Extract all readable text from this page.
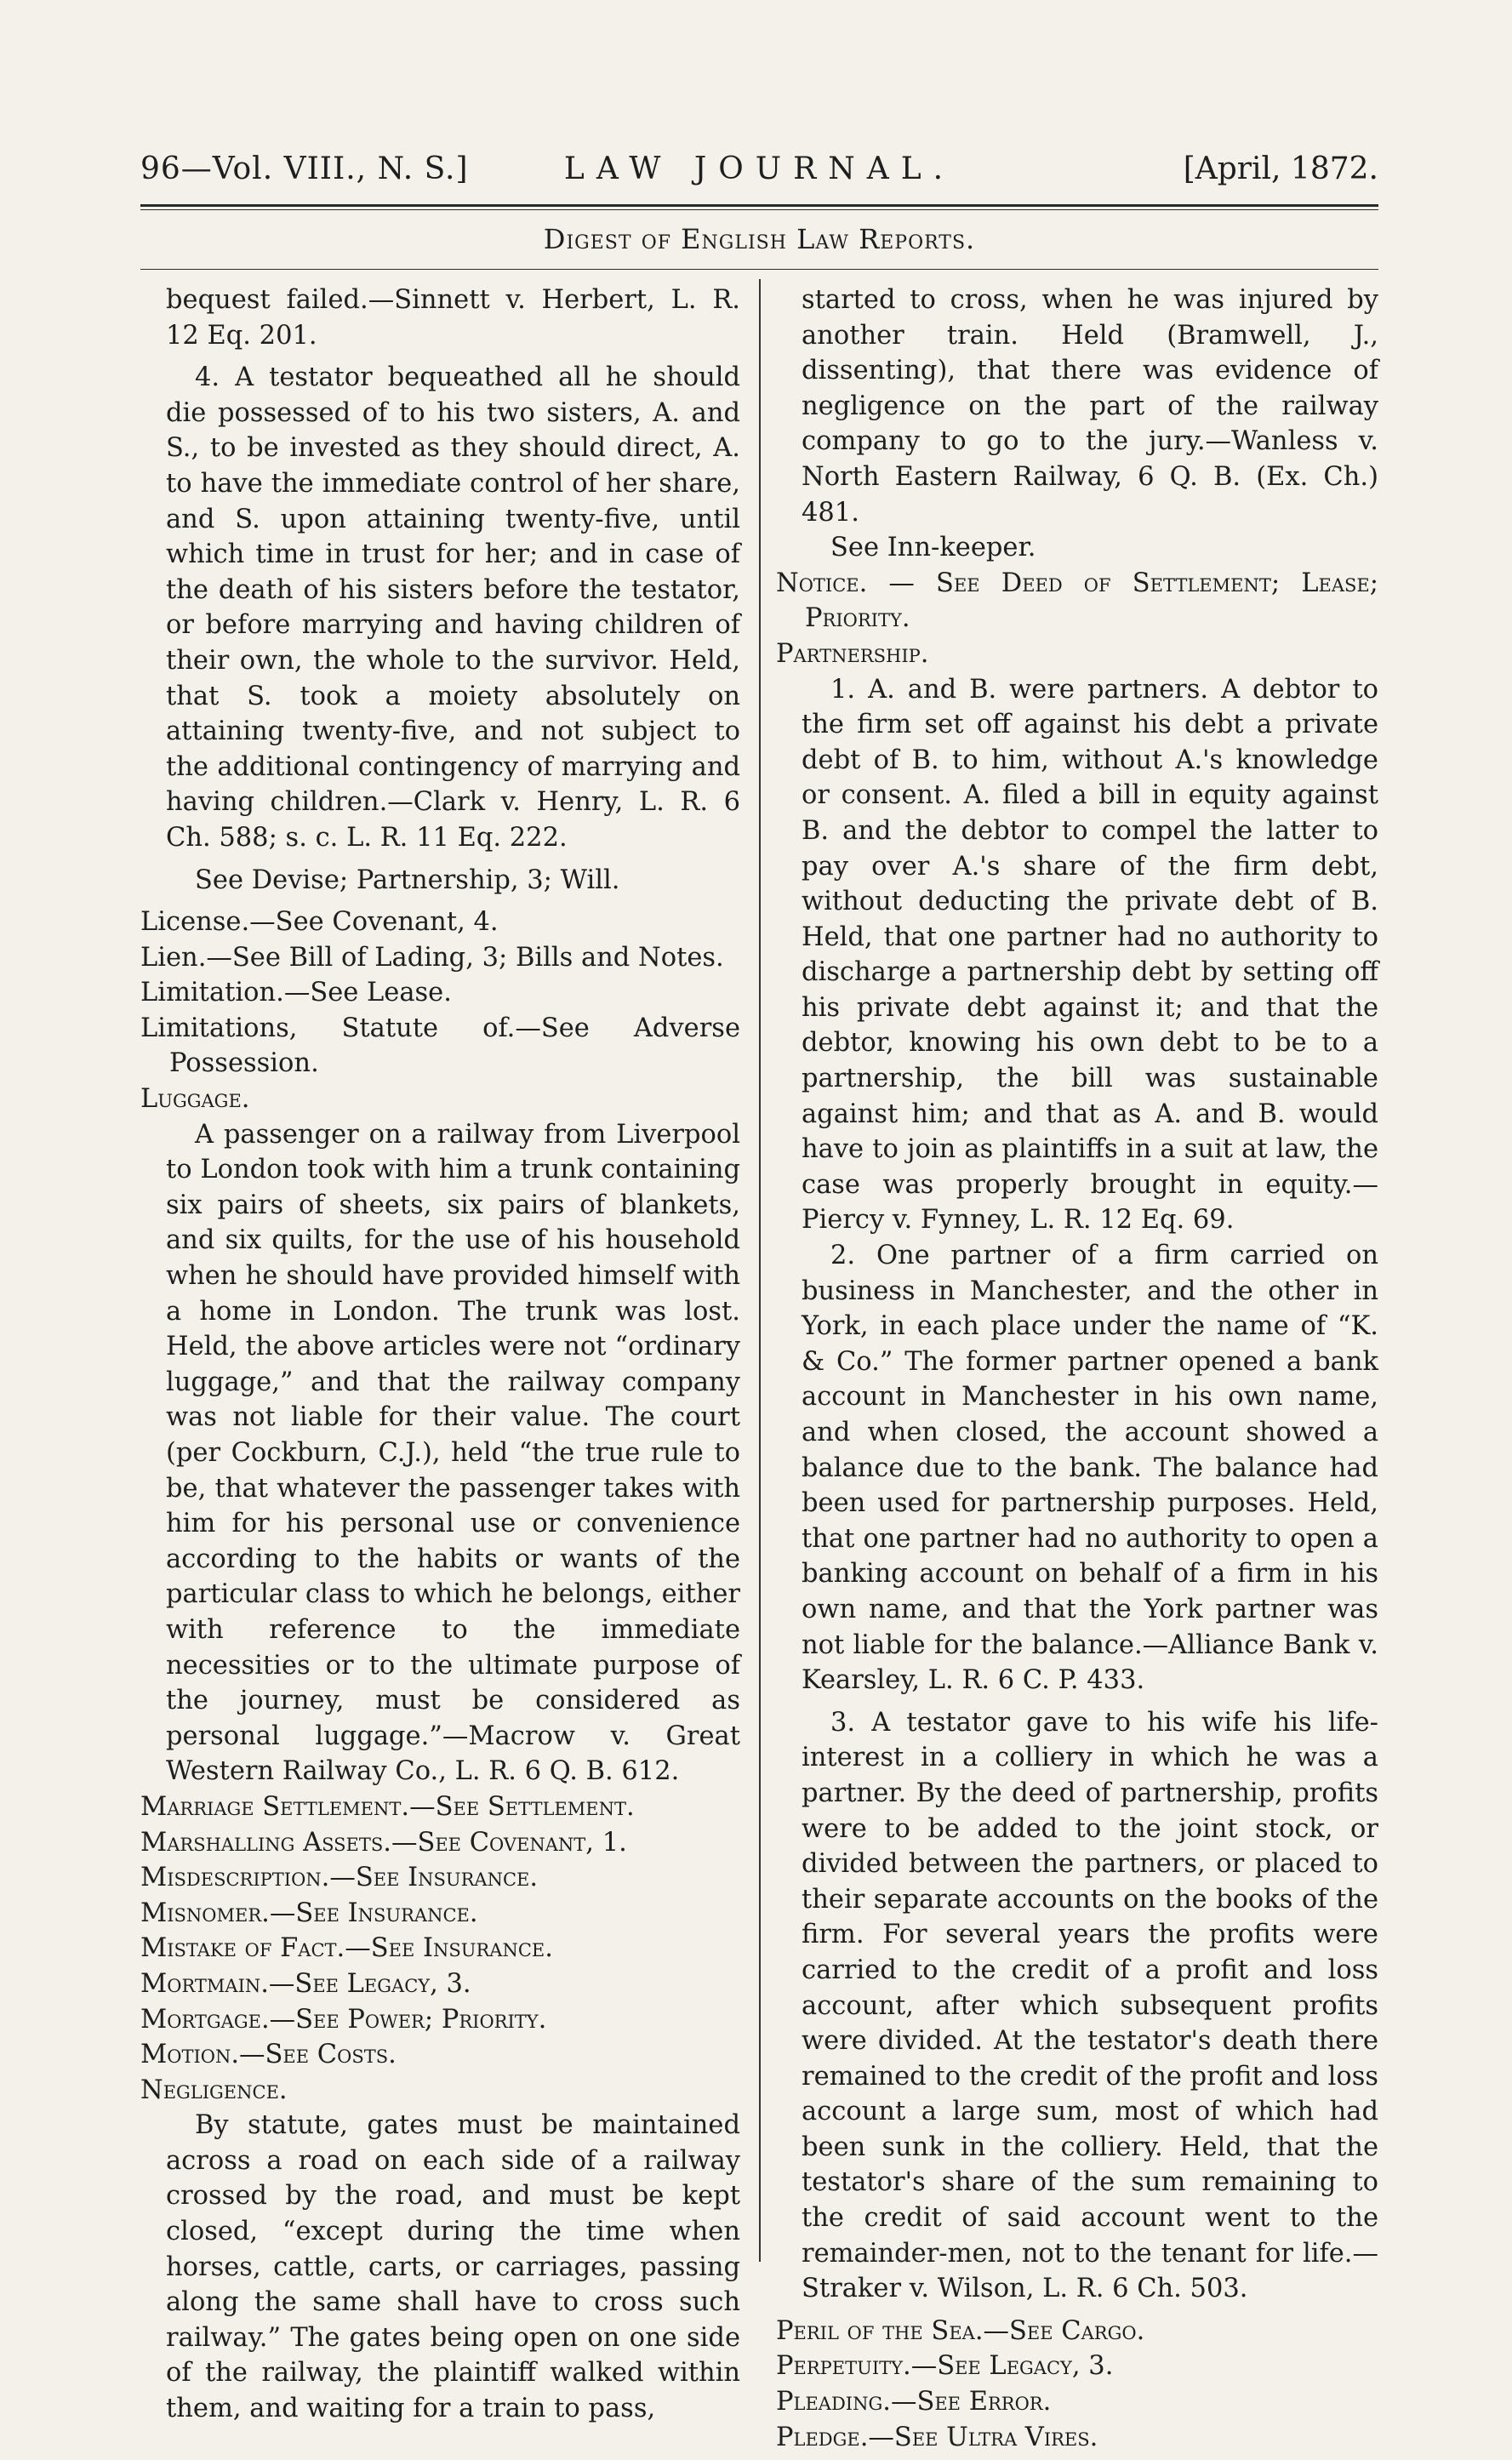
96—Vol. VIII., N. S.]	LAW JOURNAL.	[April, 1872.
Digest of English Law Reports.

bequest failed.—Sinnett v. Herbert, L. R. 12 Eq. 201.

4. A testator bequeathed all he should die possessed of to his two sisters, A. and S., to be invested as they should direct, A. to have the immediate control of her share, and S. upon attaining twenty-five, until which time in trust for her; and in case of the death of his sisters before the testator, or before marrying and having children of their own, the whole to the survivor. Held, that S. took a moiety absolutely on attaining twenty-five, and not subject to the additional contingency of marrying and having children.—Clark v. Henry, L. R. 6 Ch. 588; s. c. L. R. 11 Eq. 222.

See Devise; Partnership, 3; Will.

License.—See Covenant, 4.

Lien.—See Bill of Lading, 3; Bills and Notes.

Limitation.—See Lease.

Limitations, Statute of.—See Adverse Possession.

Luggage.

A passenger on a railway from Liverpool to London took with him a trunk containing six pairs of sheets, six pairs of blankets, and six quilts, for the use of his household when he should have provided himself with a home in London. The trunk was lost. Held, the above articles were not “ordinary luggage,” and that the railway company was not liable for their value. The court (per Cockburn, C.J.), held “the true rule to be, that whatever the passenger takes with him for his personal use or convenience according to the habits or wants of the particular class to which he belongs, either with reference to the immediate necessities or to the ultimate purpose of the journey, must be considered as personal luggage.”—Macrow v. Great Western Railway Co., L. R. 6 Q. B. 612.

Marriage Settlement.—See Settlement.

Marshalling Assets.—See Covenant, 1.

Misdescription.—See Insurance.

Misnomer.—See Insurance.

Mistake of Fact.—See Insurance.

Mortmain.—See Legacy, 3.

Mortgage.—See Power; Priority.

Motion.—See Costs.

Negligence.

By statute, gates must be maintained across a road on each side of a railway crossed by the road, and must be kept closed, “except during the time when horses, cattle, carts, or carriages, passing along the same shall have to cross such railway.” The gates being open on one side of the railway, the plaintiff walked within them, and waiting for a train to pass,

started to cross, when he was injured by another train. Held (Bramwell, J., dissenting), that there was evidence of negligence on the part of the railway company to go to the jury.—Wanless v. North Eastern Railway, 6 Q. B. (Ex. Ch.) 481.

See Inn-keeper.

Notice. — See Deed of Settlement; Lease; Priority.

Partnership.

1. A. and B. were partners. A debtor to the firm set off against his debt a private debt of B. to him, without A.'s knowledge or consent. A. filed a bill in equity against B. and the debtor to compel the latter to pay over A.'s share of the firm debt, without deducting the private debt of B. Held, that one partner had no authority to discharge a partnership debt by setting off his private debt against it; and that the debtor, knowing his own debt to be to a partnership, the bill was sustainable against him; and that as A. and B. would have to join as plaintiffs in a suit at law, the case was properly brought in equity.—Piercy v. Fynney, L. R. 12 Eq. 69.

2. One partner of a firm carried on business in Manchester, and the other in York, in each place under the name of “K. & Co.” The former partner opened a bank account in Manchester in his own name, and when closed, the account showed a balance due to the bank. The balance had been used for partnership purposes. Held, that one partner had no authority to open a banking account on behalf of a firm in his own name, and that the York partner was not liable for the balance.—Alliance Bank v. Kearsley, L. R. 6 C. P. 433.

3. A testator gave to his wife his life-interest in a colliery in which he was a partner. By the deed of partnership, profits were to be added to the joint stock, or divided between the partners, or placed to their separate accounts on the books of the firm. For several years the profits were carried to the credit of a profit and loss account, after which subsequent profits were divided. At the testator's death there remained to the credit of the profit and loss account a large sum, most of which had been sunk in the colliery. Held, that the testator's share of the sum remaining to the credit of said account went to the remainder-men, not to the tenant for life.—Straker v. Wilson, L. R. 6 Ch. 503.

Peril of the Sea.—See Cargo.

Perpetuity.—See Legacy, 3.

Pleading.—See Error.

Pledge.—See Ultra Vires.
